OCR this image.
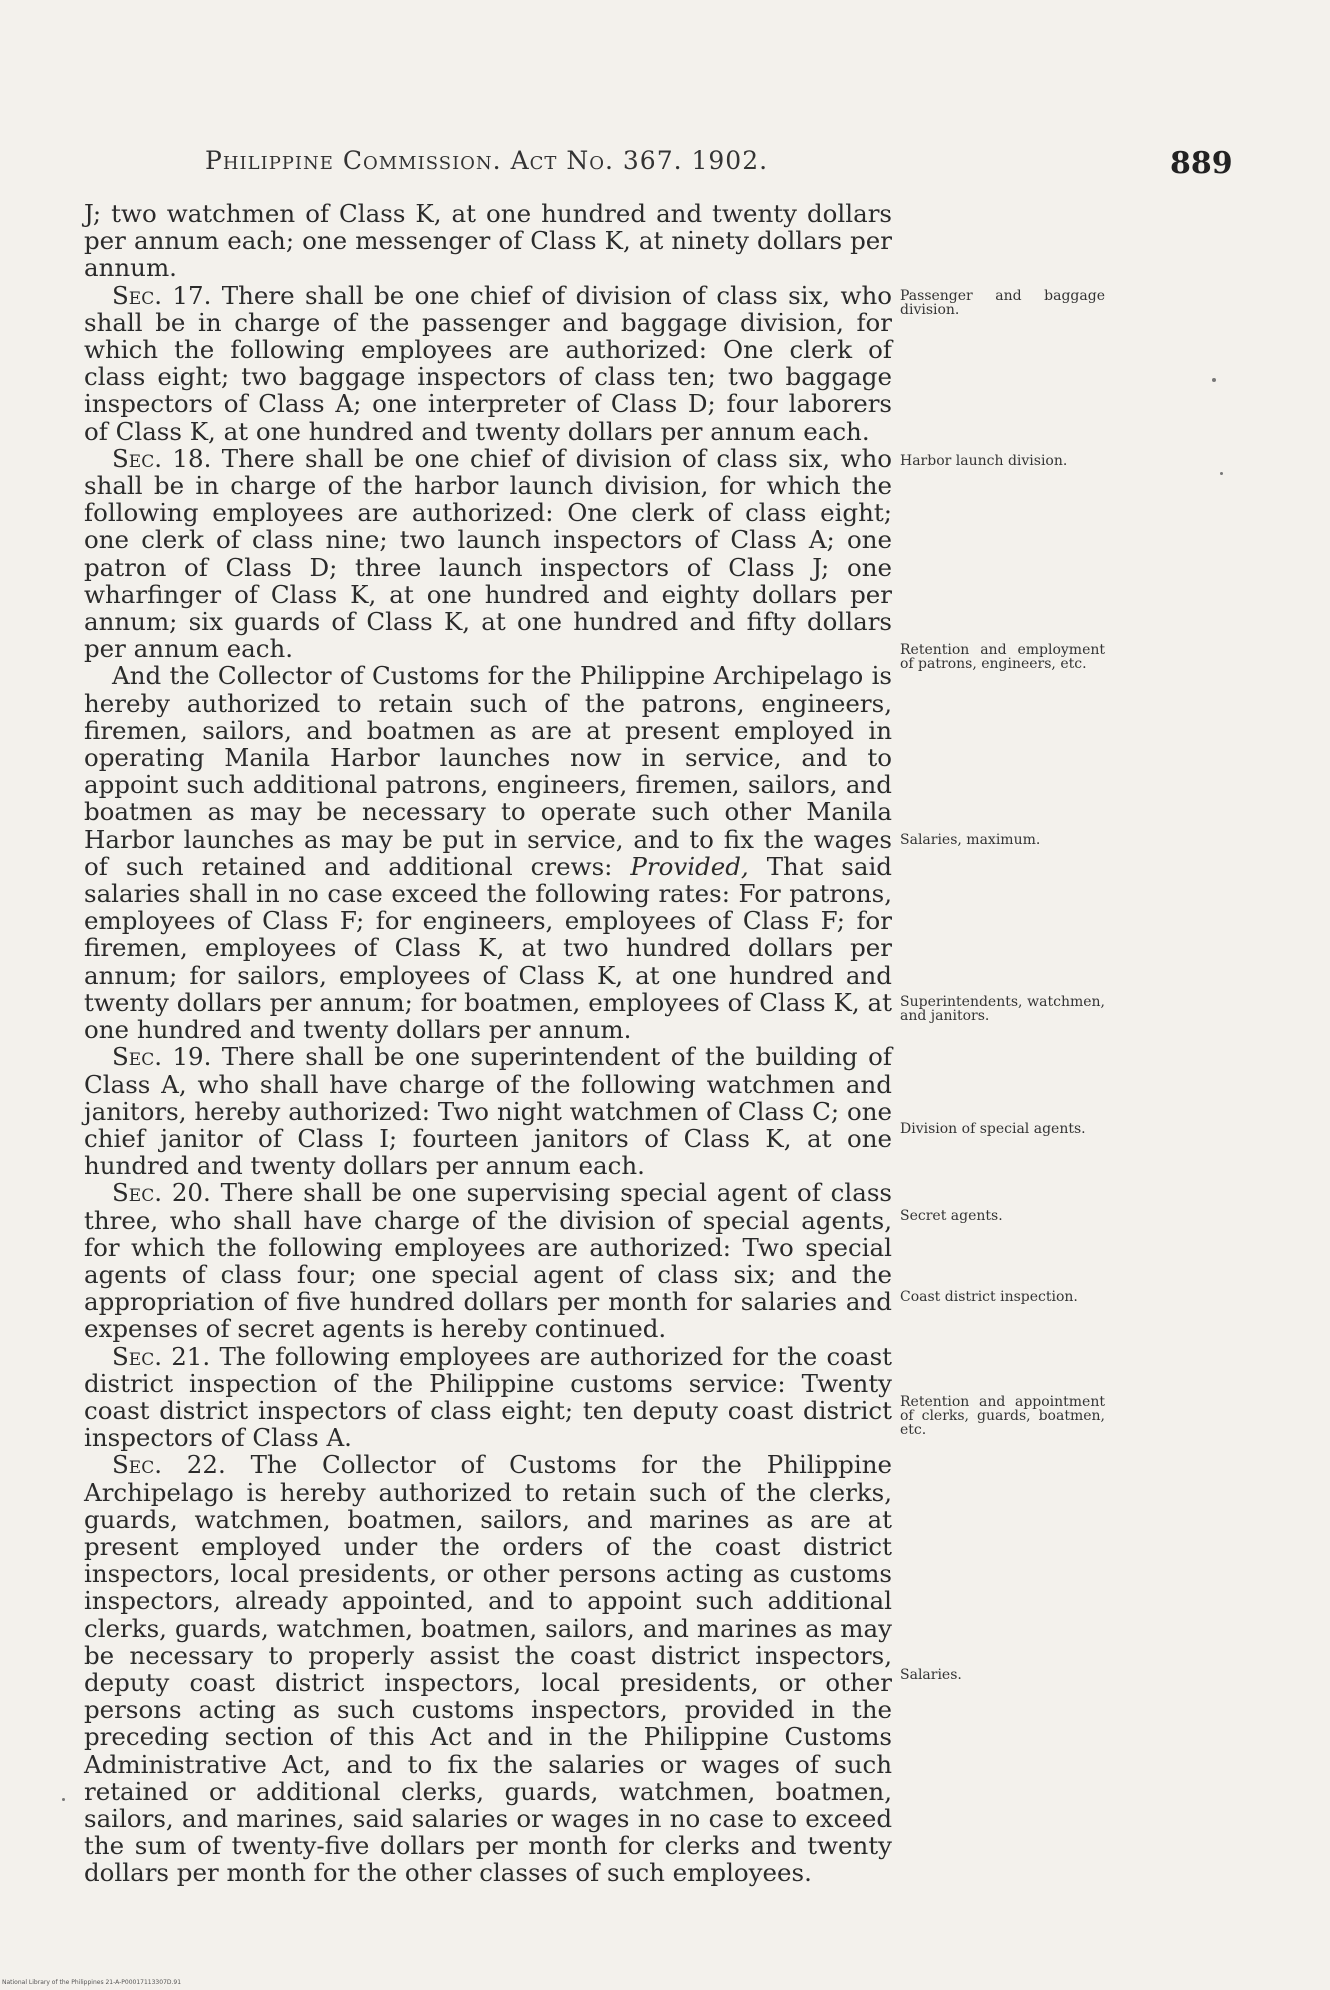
Philippine Commission. Act No. 367. 1902.	889

J; two watchmen of Class K, at one hundred and twenty dollars per annum each; one messenger of Class K, at ninety dollars per annum.

Sec. 17. There shall be one chief of division of class six, who shall be in charge of the passenger and baggage division, for which the following employees are authorized: One clerk of class eight; two baggage inspectors of class ten; two baggage inspectors of Class A; one interpreter of Class D; four laborers of Class K, at one hundred and twenty dollars per annum each.

Sec. 18. There shall be one chief of division of class six, who shall be in charge of the harbor launch division, for which the following employees are authorized: One clerk of class eight; one clerk of class nine; two launch inspectors of Class A; one patron of Class D; three launch inspectors of Class J; one wharfinger of Class K, at one hundred and eighty dollars per annum; six guards of Class K, at one hundred and fifty dollars per annum each.

And the Collector of Customs for the Philippine Archipelago is hereby authorized to retain such of the patrons, engineers, firemen, sailors, and boatmen as are at present employed in operating Manila Harbor launches now in service, and to appoint such additional patrons, engineers, firemen, sailors, and boatmen as may be necessary to operate such other Manila Harbor launches as may be put in service, and to fix the wages of such retained and additional crews: Provided, That said salaries shall in no case exceed the following rates: For patrons, employees of Class F; for engineers, employees of Class F; for firemen, employees of Class K, at two hundred dollars per annum; for sailors, employees of Class K, at one hundred and twenty dollars per annum; for boatmen, employees of Class K, at one hundred and twenty dollars per annum.

Sec. 19. There shall be one superintendent of the building of Class A, who shall have charge of the following watchmen and janitors, hereby authorized: Two night watchmen of Class C; one chief janitor of Class I; fourteen janitors of Class K, at one hundred and twenty dollars per annum each.

Sec. 20. There shall be one supervising special agent of class three, who shall have charge of the division of special agents, for which the following employees are authorized: Two special agents of class four; one special agent of class six; and the appropriation of five hundred dollars per month for salaries and expenses of secret agents is hereby continued.

Sec. 21. The following employees are authorized for the coast district inspection of the Philippine customs service: Twenty coast district inspectors of class eight; ten deputy coast district inspectors of Class A.

Sec. 22. The Collector of Customs for the Philippine Archipelago is hereby authorized to retain such of the clerks, guards, watchmen, boatmen, sailors, and marines as are at present employed under the orders of the coast district inspectors, local presidents, or other persons acting as customs inspectors, already appointed, and to appoint such additional clerks, guards, watchmen, boatmen, sailors, and marines as may be necessary to properly assist the coast district inspectors, deputy coast district inspectors, local presidents, or other persons acting as such customs inspectors, provided in the preceding section of this Act and in the Philippine Customs Administrative Act, and to fix the salaries or wages of such retained or additional clerks, guards, watchmen, boatmen, sailors, and marines, said salaries or wages in no case to exceed the sum of twenty-five dollars per month for clerks and twenty dollars per month for the other classes of such employees.

Passenger and baggage division.
Harbor launch division.
Retention and employment of patrons, engineers, etc.
Salaries, maximum.
Superintendents, watchmen, and janitors.
Division of special agents.
Secret agents.
Coast district inspection.
Retention and appointment of clerks, guards, boatmen, etc.
Salaries.
National Library of the Philippines 21-A-P00017113307D.91
